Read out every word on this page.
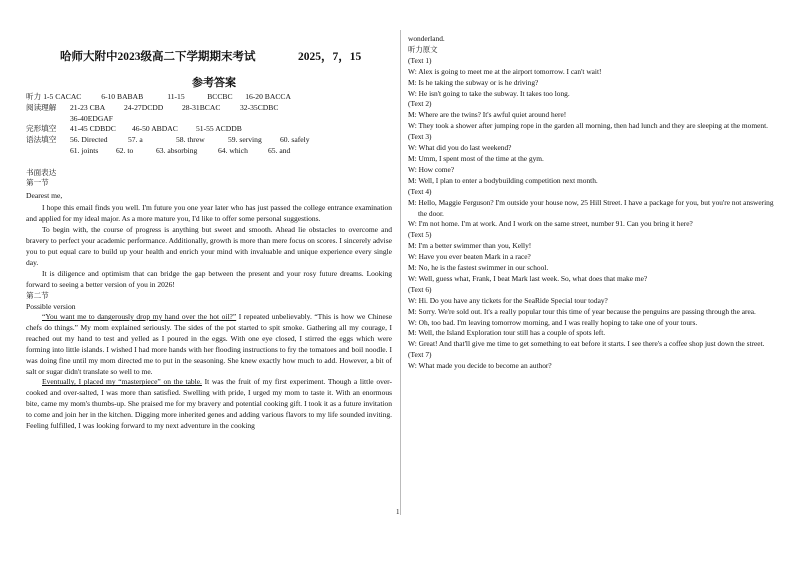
哈师大附中2023级高二下学期期末考试	2025，7，15
参考答案
听力 1-5 CACAC	6-10 BABAB	11-15	BCCBC	16-20 BACCA
阅读理解	21-23 CBA	24-27DCDD	28-31BCAC	32-35CDBC
36-40EDGAF
完形填空	41-45 CDBDC	46-50 ABDAC	51-55 ACDDB
语法填空	56. Directed	57. a	58. threw	59. serving	60. safely
61. joints	62. to	63. absorbing	64. which	65. and
书面表达
第一节
Dearest me,

I hope this email finds you well. I'm future you one year later who has just passed the college entrance examination and applied for my ideal major. As a more mature you, I'd like to offer some personal suggestions.

To begin with, the course of progress is anything but sweet and smooth. Ahead lie obstacles to overcome and bravery to perfect your academic performance. Additionally, growth is more than mere focus on scores. I sincerely advise you to put equal care to build up your health and enrich your mind with invaluable and unique experience every single day.

It is diligence and optimism that can bridge the gap between the present and your rosy future dreams. Looking forward to seeing a better version of you in 2026!

第二节
Possible version

“You want me to dangerously drop my hand over the hot oil?” I repeated unbelievably. “This is how we Chinese chefs do things.” My mom explained seriously. The sides of the pot started to spit smoke. Gathering all my courage, I reached out my hand to test and yelled as I poured in the eggs. With one eye closed, I stirred the eggs which were forming into little islands. I wished I had more hands with her flooding instructions to fry the tomatoes and boil noodle. I was doing fine until my mom directed me to put in the seasoning. She knew exactly how much to add. However, a bit of salt or sugar didn't translate so well to me.

Eventually, I placed my “masterpiece” on the table. It was the fruit of my first experiment. Though a little over-cooked and over-salted, I was more than satisfied. Swelling with pride, I urged my mom to taste it. With an enormous bite, came my mom's thumbs-up. She praised me for my bravery and potential cooking gift. I took it as a future invitation to come and join her in the kitchen. Digging more inherited genes and adding various flavors to my life sounded inviting. Feeling fulfilled, I was looking forward to my next adventure in the cooking

wonderland.

听力原文

(Text 1)

W: Alex is going to meet me at the airport tomorrow. I can't wait!

M: Is he taking the subway or is he driving?

W: He isn't going to take the subway. It takes too long.

(Text 2)

M: Where are the twins? It's awful quiet around here!

W: They took a shower after jumping rope in the garden all morning, then had lunch and they are sleeping at the moment.

(Text 3)

W: What did you do last weekend?

M: Umm, I spent most of the time at the gym.

W: How come?

M: Well, I plan to enter a bodybuilding competition next month.

(Text 4)

M: Hello, Maggie Ferguson? I'm outside your house now, 25 Hill Street. I have a package for you, but you're not answering the door.

W: I'm not home. I'm at work. And I work on the same street, number 91. Can you bring it here?

(Text 5)

M: I'm a better swimmer than you, Kelly!

W: Have you ever beaten Mark in a race?

M: No, he is the fastest swimmer in our school.

W: Well, guess what, Frank, I beat Mark last week. So, what does that make me?

(Text 6)

W: Hi. Do you have any tickets for the SeaRide Special tour today?

M: Sorry. We're sold out. It's a really popular tour this time of year because the penguins are passing through the area.

W: Oh, too bad. I'm leaving tomorrow morning, and I was really hoping to take one of your tours.

M: Well, the Island Exploration tour still has a couple of spots left.

W: Great! And that'll give me time to get something to eat before it starts. I see there's a coffee shop just down the street.

(Text 7)

W: What made you decide to become an author?

1
